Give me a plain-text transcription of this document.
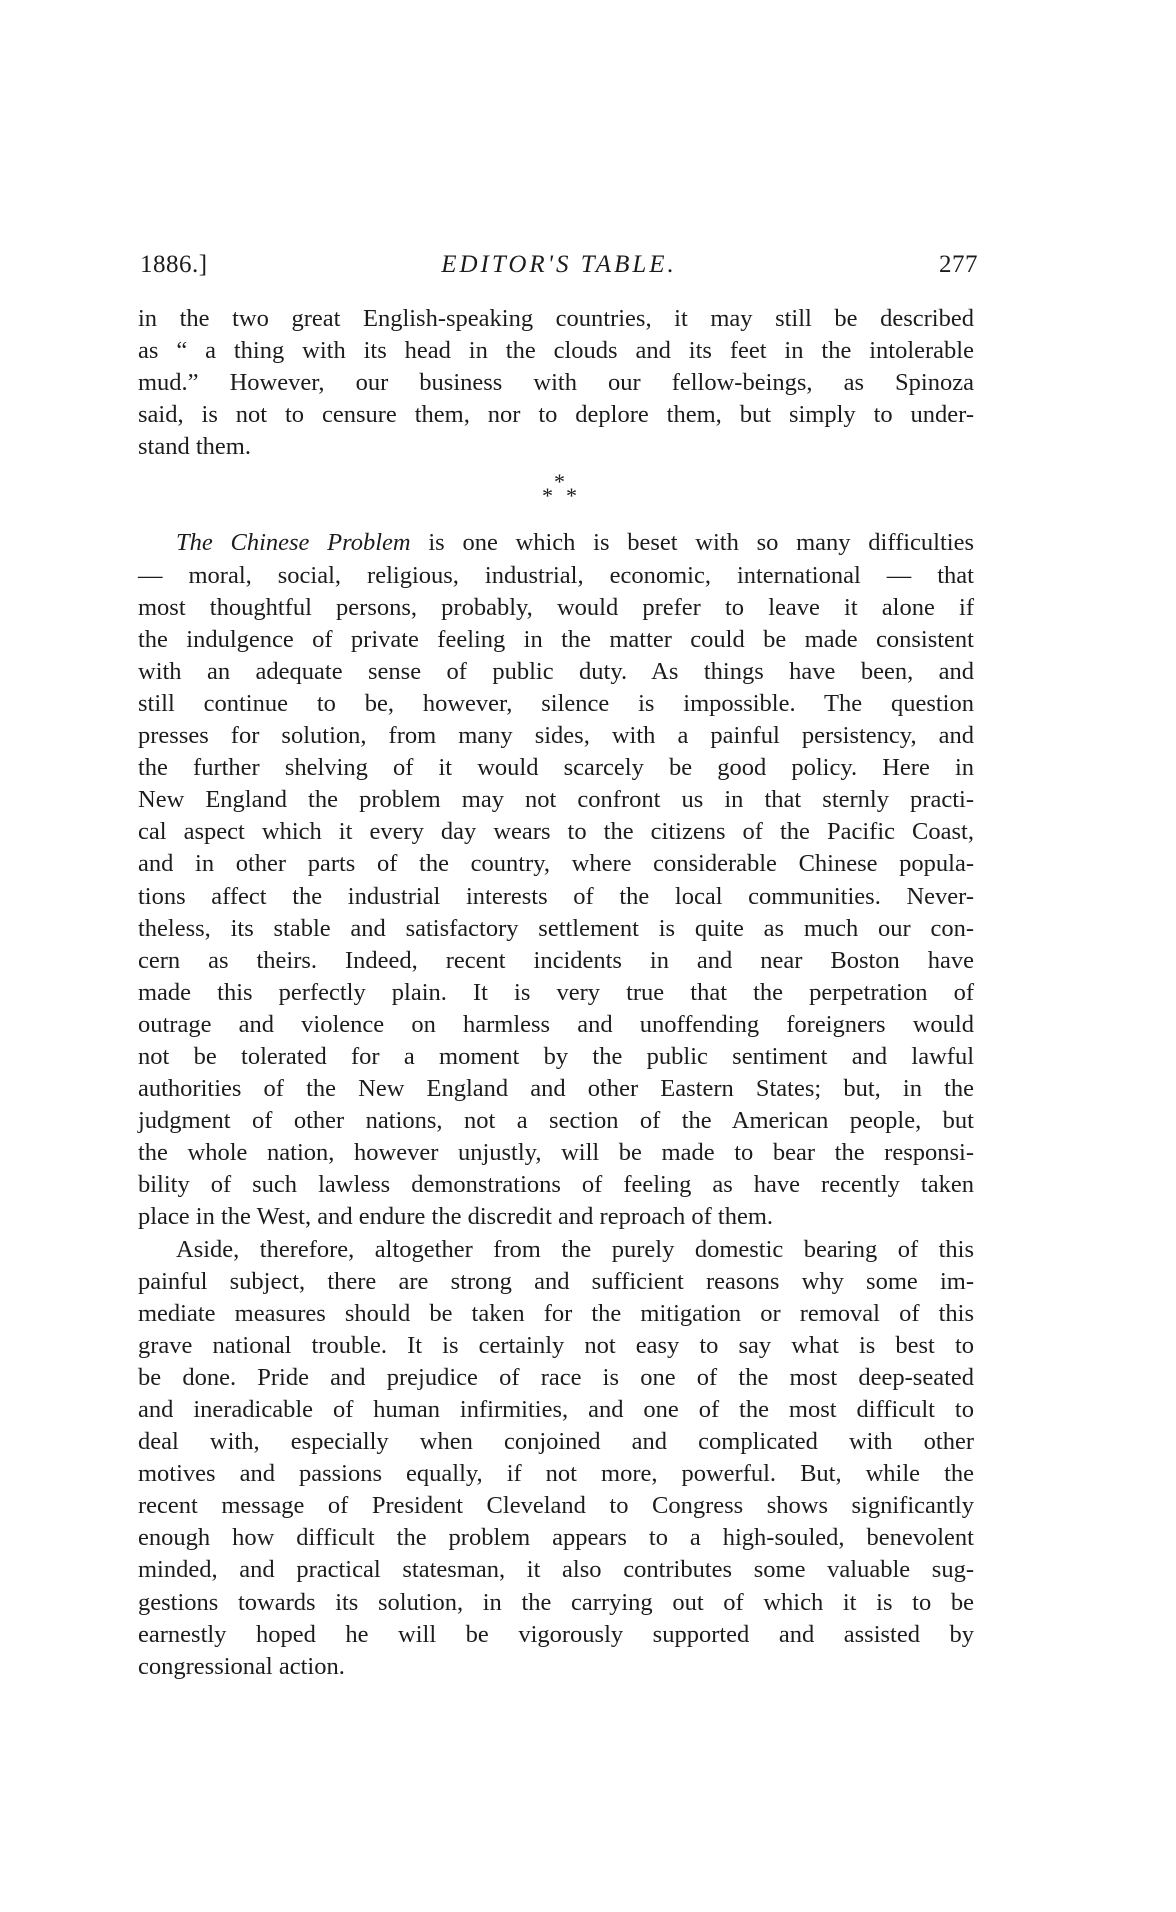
1886.]	EDITOR'S TABLE.	277
in the two great English-speaking countries, it may still be described
as “ a thing with its head in the clouds and its feet in the intolerable
mud.” However, our business with our fellow-beings, as Spinoza
said, is not to censure them, nor to deplore them, but simply to under-
stand them.
*
* *
The Chinese Problem is one which is beset with so many difficulties
— moral, social, religious, industrial, economic, international — that
most thoughtful persons, probably, would prefer to leave it alone if
the indulgence of private feeling in the matter could be made consistent
with an adequate sense of public duty. As things have been, and
still continue to be, however, silence is impossible. The question
presses for solution, from many sides, with a painful persistency, and
the further shelving of it would scarcely be good policy. Here in
New England the problem may not confront us in that sternly practi-
cal aspect which it every day wears to the citizens of the Pacific Coast,
and in other parts of the country, where considerable Chinese popula-
tions affect the industrial interests of the local communities. Never-
theless, its stable and satisfactory settlement is quite as much our con-
cern as theirs. Indeed, recent incidents in and near Boston have
made this perfectly plain. It is very true that the perpetration of
outrage and violence on harmless and unoffending foreigners would
not be tolerated for a moment by the public sentiment and lawful
authorities of the New England and other Eastern States; but, in the
judgment of other nations, not a section of the American people, but
the whole nation, however unjustly, will be made to bear the responsi-
bility of such lawless demonstrations of feeling as have recently taken
place in the West, and endure the discredit and reproach of them.
Aside, therefore, altogether from the purely domestic bearing of this
painful subject, there are strong and sufficient reasons why some im-
mediate measures should be taken for the mitigation or removal of this
grave national trouble. It is certainly not easy to say what is best to
be done. Pride and prejudice of race is one of the most deep-seated
and ineradicable of human infirmities, and one of the most difficult to
deal with, especially when conjoined and complicated with other
motives and passions equally, if not more, powerful. But, while the
recent message of President Cleveland to Congress shows significantly
enough how difficult the problem appears to a high-souled, benevolent
minded, and practical statesman, it also contributes some valuable sug-
gestions towards its solution, in the carrying out of which it is to be
earnestly hoped he will be vigorously supported and assisted by
congressional action.
